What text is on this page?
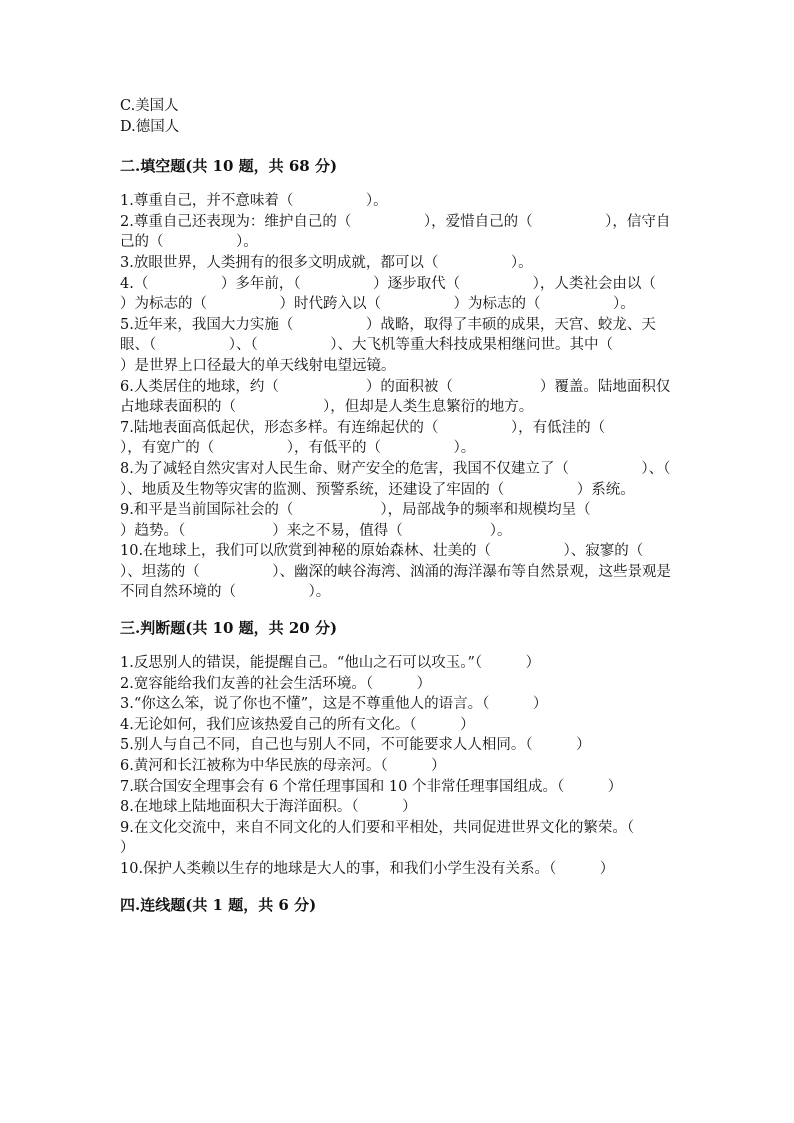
C.美国人
D.德国人
二.填空题(共 10 题，共 68 分)
1.尊重自己，并不意味着（　　　　　）。
2.尊重自己还表现为：维护自己的（　　　　　），爱惜自己的（　　　　　），信守自己的（　　　　　）。
3.放眼世界，人类拥有的很多文明成就，都可以（　　　　　）。
4.（　　　　　）多年前，（　　　　　）逐步取代（　　　　　），人类社会由以（　　　　　）为标志的（　　　　　）时代跨入以（　　　　　）为标志的（　　　　　）。
5.近年来，我国大力实施（　　　　　）战略，取得了丰硕的成果，天宫、蛟龙、天眼、（　　　　　）、（　　　　　）、大飞机等重大科技成果相继问世。其中（　　　　　）是世界上口径最大的单天线射电望远镜。
6.人类居住的地球，约（　　　　　　）的面积被（　　　　　　）覆盖。陆地面积仅占地球表面积的（　　　　　　），但却是人类生息繁衍的地方。
7.陆地表面高低起伏，形态多样。有连绵起伏的（　　　　　），有低洼的（　　　　　），有宽广的（　　　　　），有低平的（　　　　　）。
8.为了减轻自然灾害对人民生命、财产安全的危害，我国不仅建立了（　　　　　）、（　　　　　）、地质及生物等灾害的监测、预警系统，还建设了牢固的（　　　　　）系统。
9.和平是当前国际社会的（　　　　　　），局部战争的频率和规模均呈（　　　　　　）趋势。（　　　　　　）来之不易，值得（　　　　　　）。
10.在地球上，我们可以欣赏到神秘的原始森林、壮美的（　　　　　）、寂寥的（　　　　　）、坦荡的（　　　　　）、幽深的峡谷海湾、汹涌的海洋瀑布等自然景观，这些景观是不同自然环境的（　　　　　）。
三.判断题(共 10 题，共 20 分)
1.反思别人的错误，能提醒自己。“他山之石可以攻玉。”（　　　）
2.宽容能给我们友善的社会生活环境。（　　　）
3.“你这么笨，说了你也不懂”，这是不尊重他人的语言。（　　　）
4.无论如何，我们应该热爱自己的所有文化。（　　　）
5.别人与自己不同，自己也与别人不同，不可能要求人人相同。（　　　）
6.黄河和长江被称为中华民族的母亲河。（　　　）
7.联合国安全理事会有 6 个常任理事国和 10 个非常任理事国组成。（　　　）
8.在地球上陆地面积大于海洋面积。（　　　）
9.在文化交流中，来自不同文化的人们要和平相处，共同促进世界文化的繁荣。（　　　）
10.保护人类赖以生存的地球是大人的事，和我们小学生没有关系。（　　　）
四.连线题(共 1 题，共 6 分)
